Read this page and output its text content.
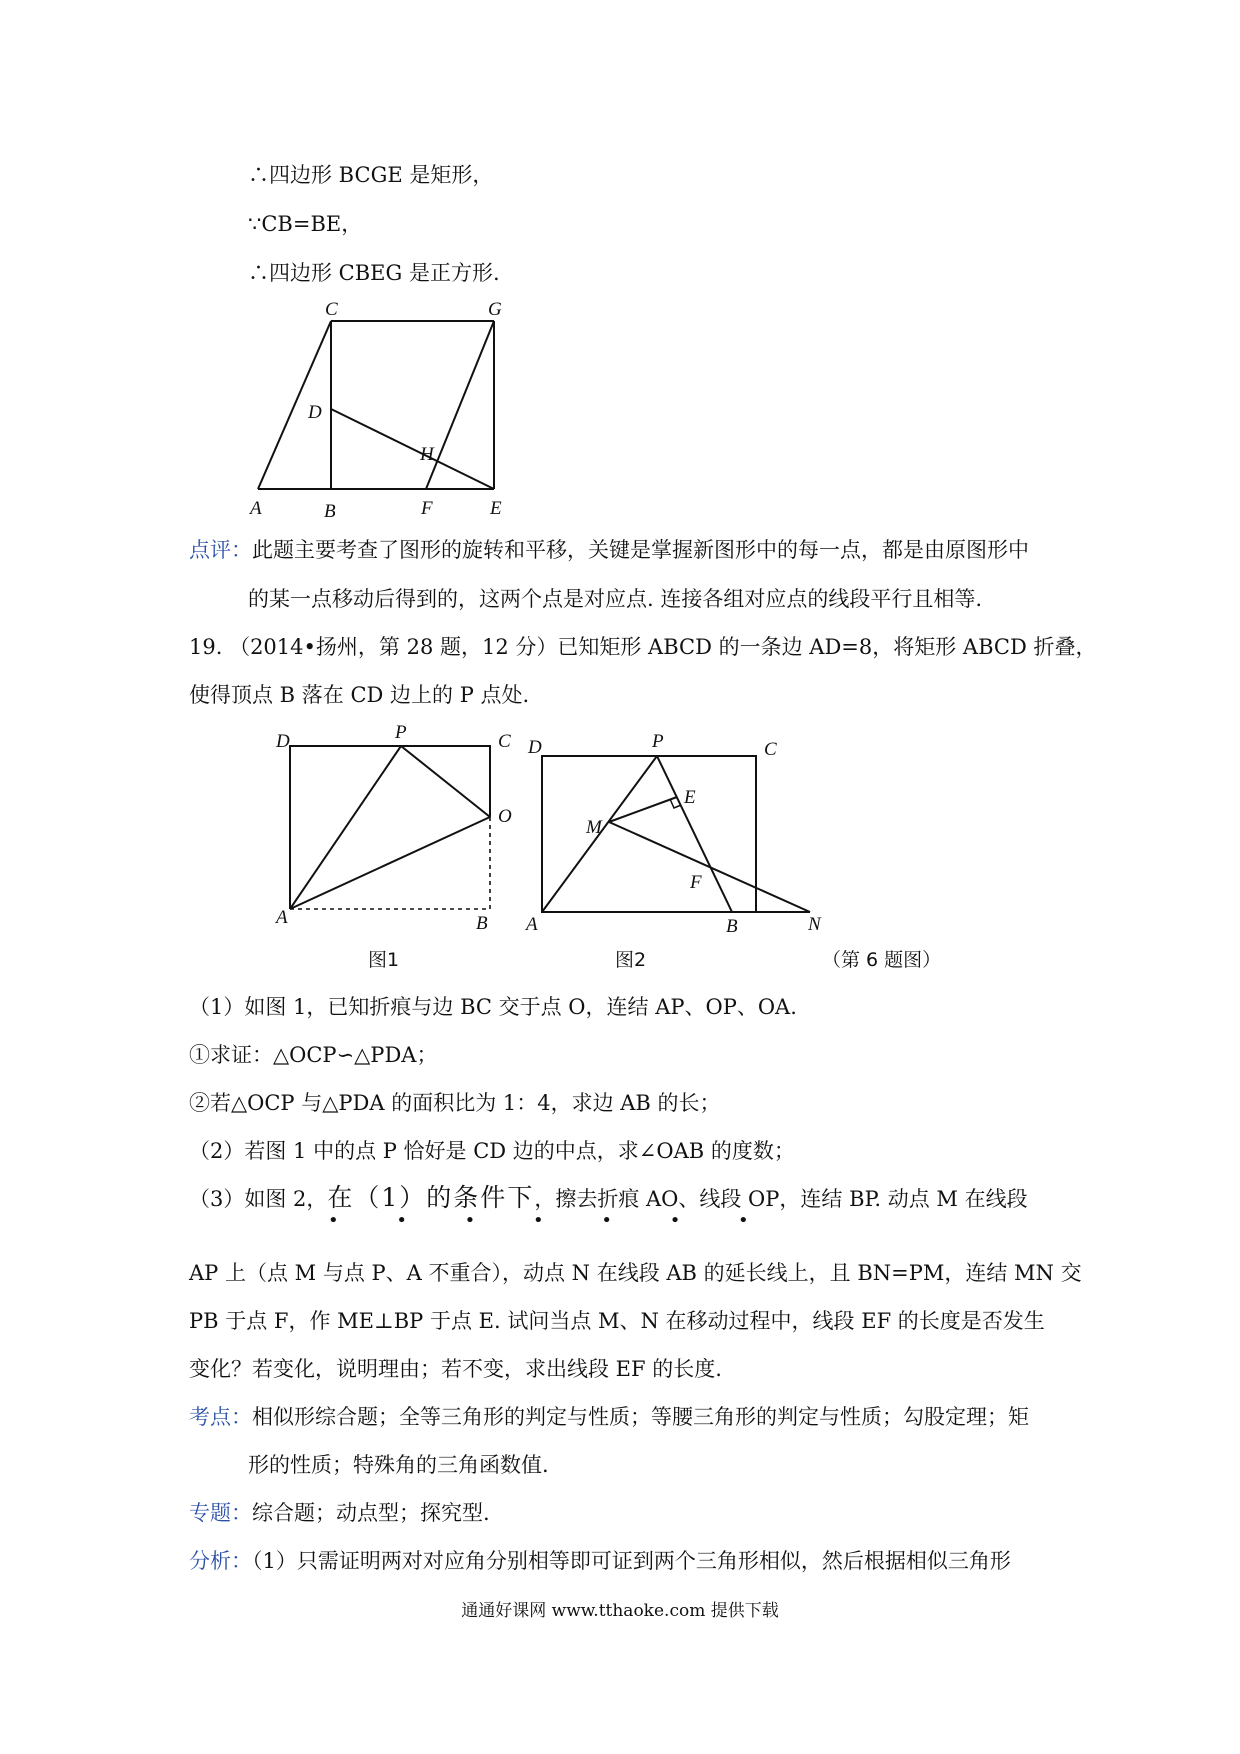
∴四边形 BCGE 是矩形，
∵CB=BE，
∴四边形 CBEG 是正方形.
C	G
D
H
A	B	F	E
点评：此题主要考查了图形的旋转和平移，关键是掌握新图形中的每一点，都是由原图形中
的某一点移动后得到的，这两个点是对应点. 连接各组对应点的线段平行且相等.
19. （2014•扬州，第 28 题，12 分）已知矩形 ABCD 的一条边 AD=8，将矩形 ABCD 折叠，
使得顶点 B 落在 CD 边上的 P 点处.
D	P	C
O
A	B
D	P	C
E
M
F
A	B	N
图1	图2	（第 6 题图）
（1）如图 1，已知折痕与边 BC 交于点 O，连结 AP、OP、OA.
①求证：△OCP∽△PDA；
②若△OCP 与△PDA 的面积比为 1：4，求边 AB 的长；
（2）若图 1 中的点 P 恰好是 CD 边的中点，求∠OAB 的度数；
（3）如图 2，在（1）的条件下，擦去折痕 AO、线段 OP，连结 BP. 动点 M 在线段
• • • • • • •
AP 上（点 M 与点 P、A 不重合），动点 N 在线段 AB 的延长线上，且 BN=PM，连结 MN 交
PB 于点 F，作 ME⊥BP 于点 E. 试问当点 M、N 在移动过程中，线段 EF 的长度是否发生
变化？若变化，说明理由；若不变，求出线段 EF 的长度.
考点：相似形综合题；全等三角形的判定与性质；等腰三角形的判定与性质；勾股定理；矩
形的性质；特殊角的三角函数值.
专题：综合题；动点型；探究型.
分析：（1）只需证明两对对应角分别相等即可证到两个三角形相似，然后根据相似三角形
通通好课网 www.tthaoke.com 提供下载
